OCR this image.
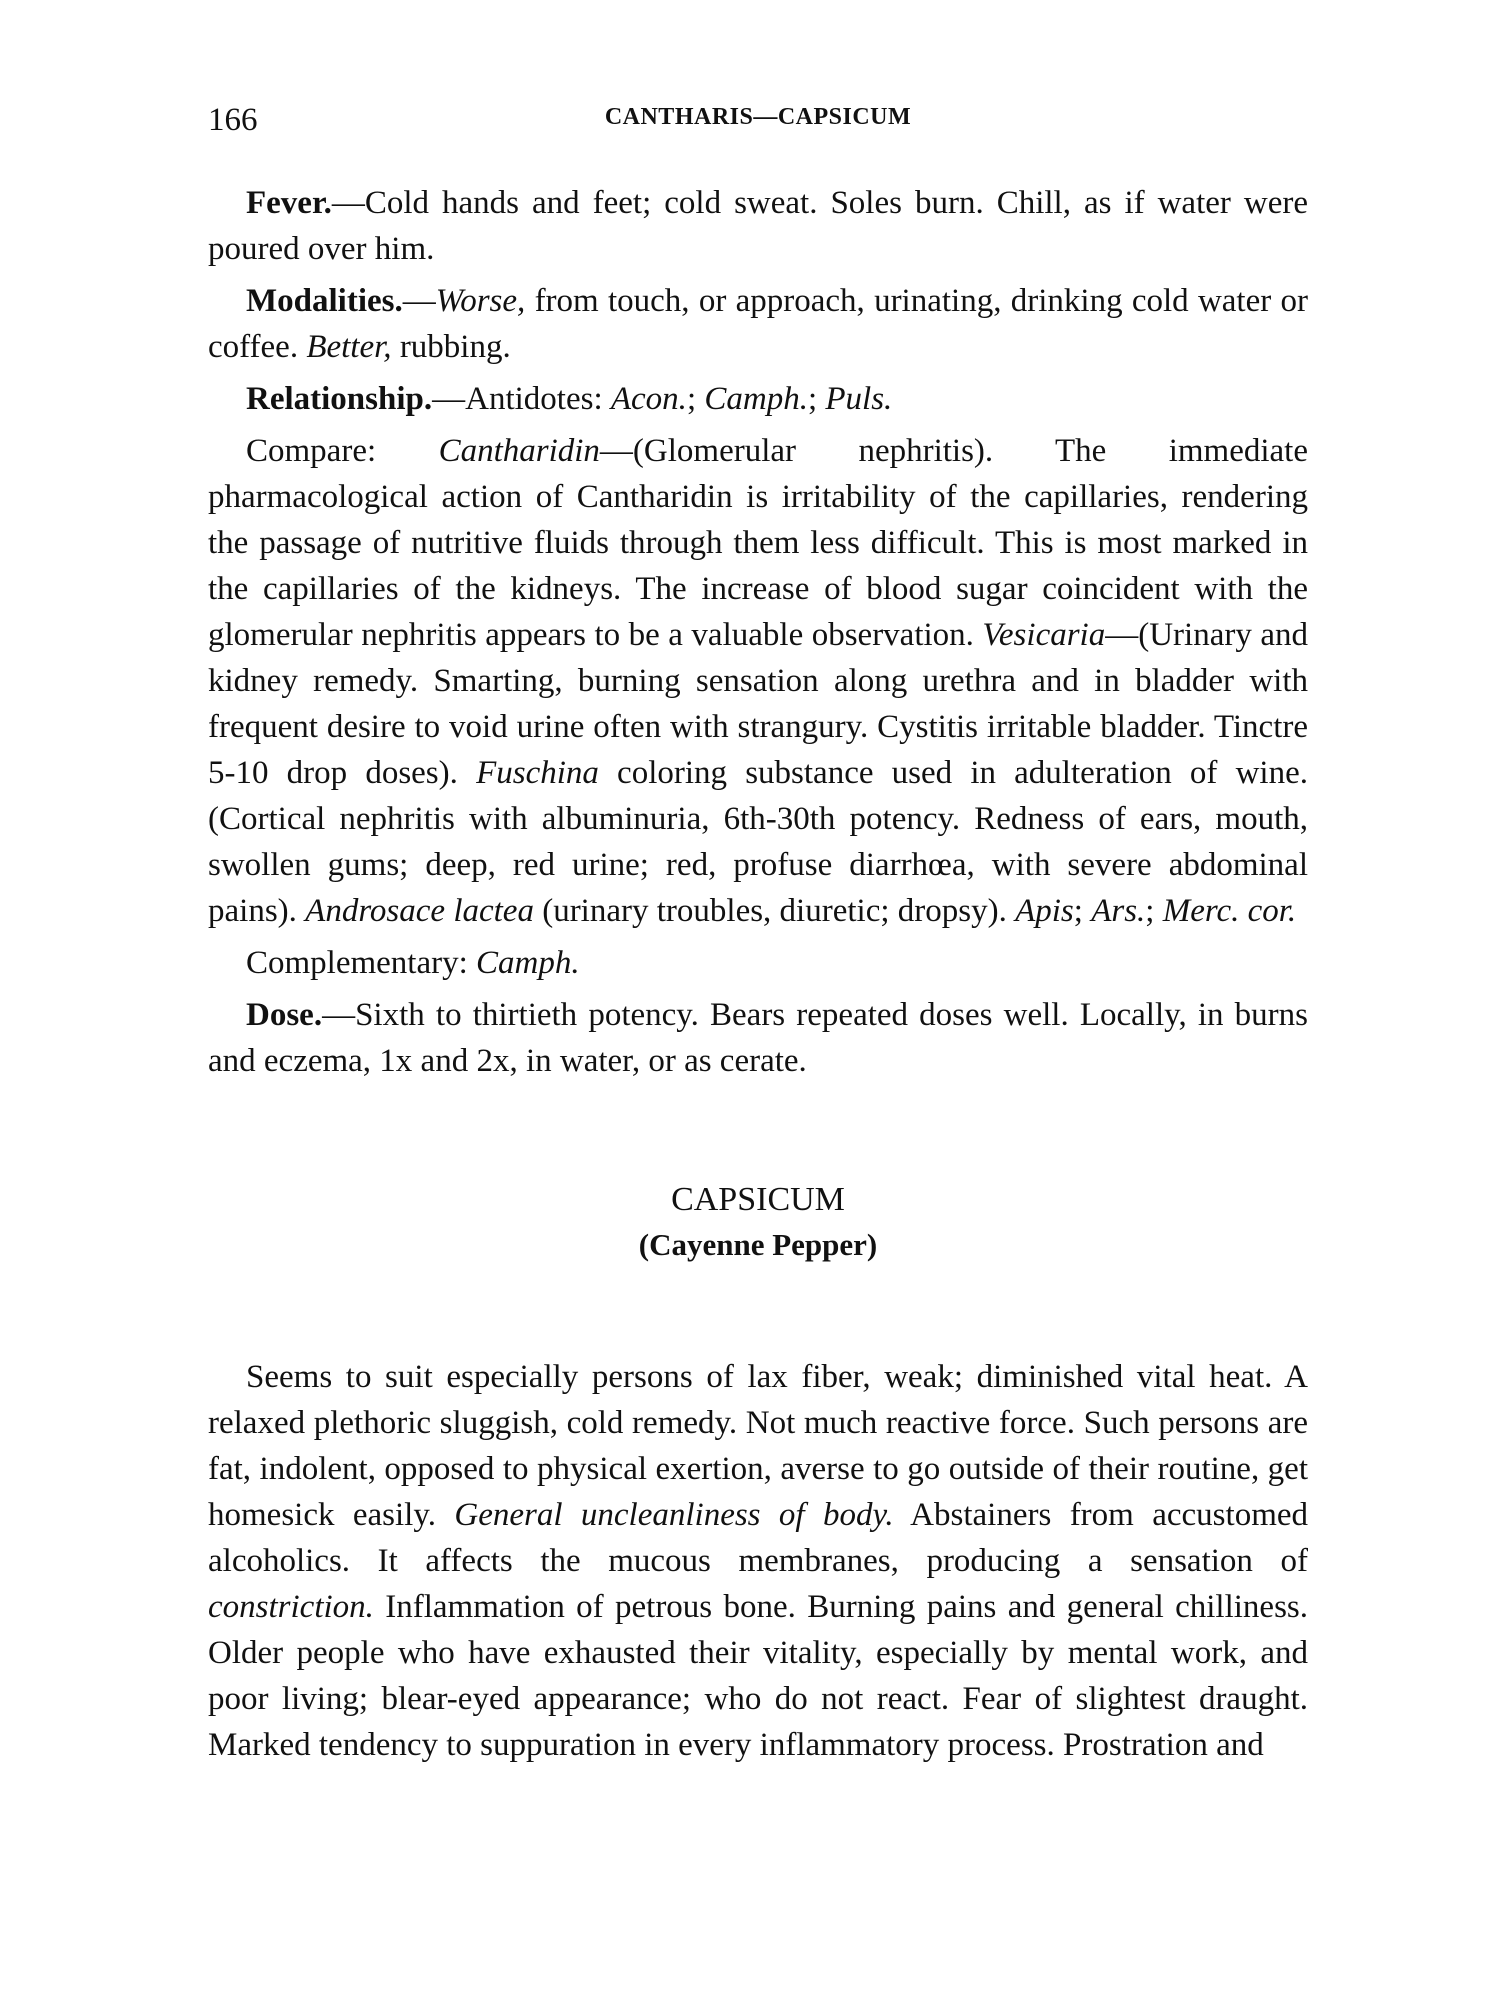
166	CANTHARIS—CAPSICUM

Fever.—Cold hands and feet; cold sweat. Soles burn. Chill, as if water were poured over him.

Modalities.—Worse, from touch, or approach, urinating, drinking cold water or coffee. Better, rubbing.

Relationship.—Antidotes: Acon.; Camph.; Puls.

Compare: Cantharidin—(Glomerular nephritis). The immediate pharmacological action of Cantharidin is irritability of the capillaries, rendering the passage of nutritive fluids through them less difficult. This is most marked in the capillaries of the kidneys. The increase of blood sugar coincident with the glomerular nephritis appears to be a valuable observation. Vesicaria—(Urinary and kidney remedy. Smarting, burning sensation along urethra and in bladder with frequent desire to void urine often with strangury. Cystitis irritable bladder. Tinctre 5-10 drop doses). Fuschina coloring substance used in adulteration of wine. (Cortical nephritis with albuminuria, 6th-30th potency. Redness of ears, mouth, swollen gums; deep, red urine; red, profuse diarrhœa, with severe abdominal pains). Androsace lactea (urinary troubles, diuretic; dropsy). Apis; Ars.; Merc. cor.

Complementary: Camph.

Dose.—Sixth to thirtieth potency. Bears repeated doses well. Locally, in burns and eczema, 1x and 2x, in water, or as cerate.

CAPSICUM
(Cayenne Pepper)

Seems to suit especially persons of lax fiber, weak; diminished vital heat. A relaxed plethoric sluggish, cold remedy. Not much reactive force. Such persons are fat, indolent, opposed to physical exertion, averse to go outside of their routine, get homesick easily. General uncleanliness of body. Abstainers from accustomed alcoholics. It affects the mucous membranes, producing a sensation of constriction. Inflammation of petrous bone. Burning pains and general chilliness. Older people who have exhausted their vitality, especially by mental work, and poor living; blear-eyed appearance; who do not react. Fear of slightest draught. Marked tendency to suppuration in every inflammatory process. Prostration and
